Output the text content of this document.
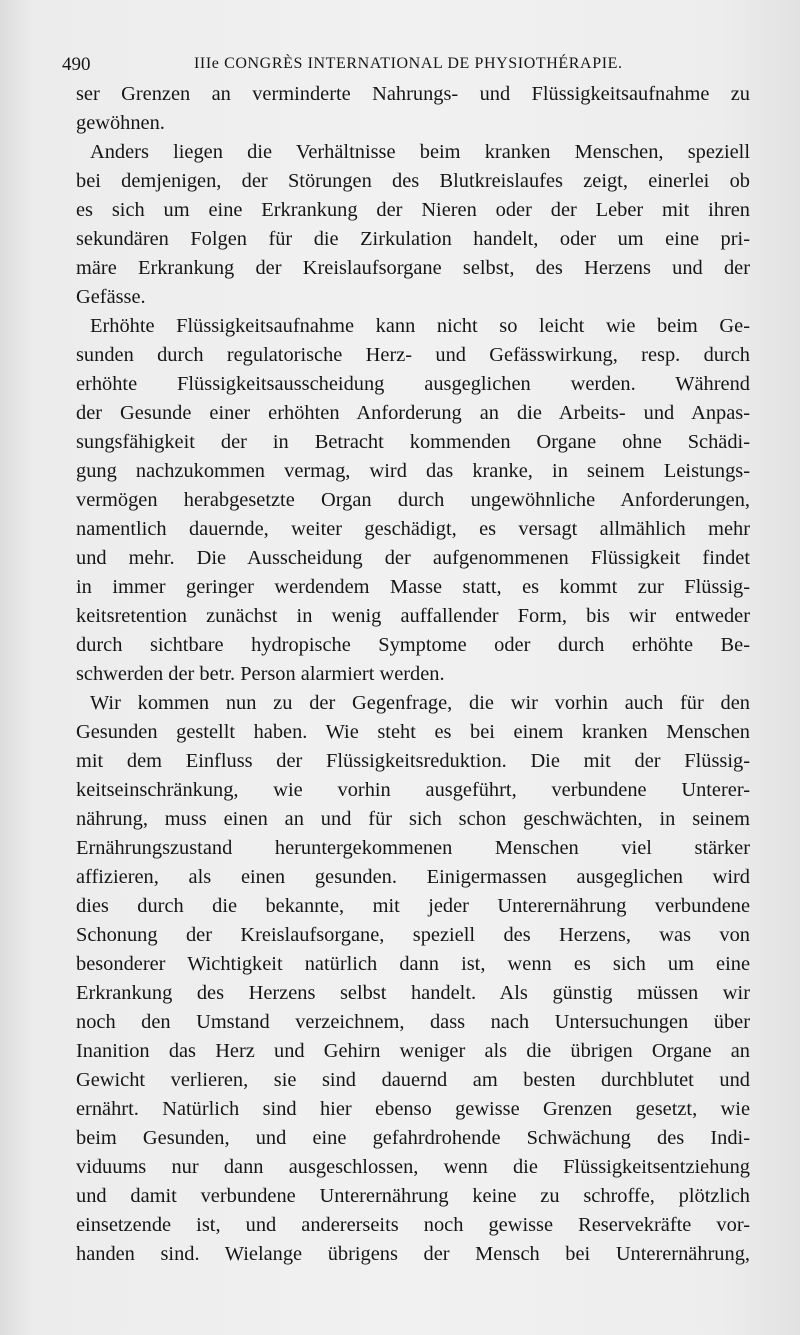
490	IIIe CONGRÈS INTERNATIONAL DE PHYSIOTHÉRAPIE.
ser Grenzen an verminderte Nahrungs- und Flüssigkeitsaufnahme zu
gewöhnen.
Anders liegen die Verhältnisse beim kranken Menschen, speziell
bei demjenigen, der Störungen des Blutkreislaufes zeigt, einerlei ob
es sich um eine Erkrankung der Nieren oder der Leber mit ihren
sekundären Folgen für die Zirkulation handelt, oder um eine pri-
märe Erkrankung der Kreislaufsorgane selbst, des Herzens und der
Gefässe.
Erhöhte Flüssigkeitsaufnahme kann nicht so leicht wie beim Ge-
sunden durch regulatorische Herz- und Gefässwirkung, resp. durch
erhöhte Flüssigkeitsausscheidung ausgeglichen werden. Während
der Gesunde einer erhöhten Anforderung an die Arbeits- und Anpas-
sungsfähigkeit der in Betracht kommenden Organe ohne Schädi-
gung nachzukommen vermag, wird das kranke, in seinem Leistungs-
vermögen herabgesetzte Organ durch ungewöhnliche Anforderungen,
namentlich dauernde, weiter geschädigt, es versagt allmählich mehr
und mehr. Die Ausscheidung der aufgenommenen Flüssigkeit findet
in immer geringer werdendem Masse statt, es kommt zur Flüssig-
keitsretention zunächst in wenig auffallender Form, bis wir entweder
durch sichtbare hydropische Symptome oder durch erhöhte Be-
schwerden der betr. Person alarmiert werden.
Wir kommen nun zu der Gegenfrage, die wir vorhin auch für den
Gesunden gestellt haben. Wie steht es bei einem kranken Menschen
mit dem Einfluss der Flüssigkeitsreduktion. Die mit der Flüssig-
keitseinschränkung, wie vorhin ausgeführt, verbundene Unterer-
nährung, muss einen an und für sich schon geschwächten, in seinem
Ernährungszustand heruntergekommenen Menschen viel stärker
affizieren, als einen gesunden. Einigermassen ausgeglichen wird
dies durch die bekannte, mit jeder Unterernährung verbundene
Schonung der Kreislaufsorgane, speziell des Herzens, was von
besonderer Wichtigkeit natürlich dann ist, wenn es sich um eine
Erkrankung des Herzens selbst handelt. Als günstig müssen wir
noch den Umstand verzeichnem, dass nach Untersuchungen über
Inanition das Herz und Gehirn weniger als die übrigen Organe an
Gewicht verlieren, sie sind dauernd am besten durchblutet und
ernährt. Natürlich sind hier ebenso gewisse Grenzen gesetzt, wie
beim Gesunden, und eine gefahrdrohende Schwächung des Indi-
viduums nur dann ausgeschlossen, wenn die Flüssigkeitsentziehung
und damit verbundene Unterernährung keine zu schroffe, plötzlich
einsetzende ist, und andererseits noch gewisse Reservekräfte vor-
handen sind. Wielange übrigens der Mensch bei Unterernährung,
